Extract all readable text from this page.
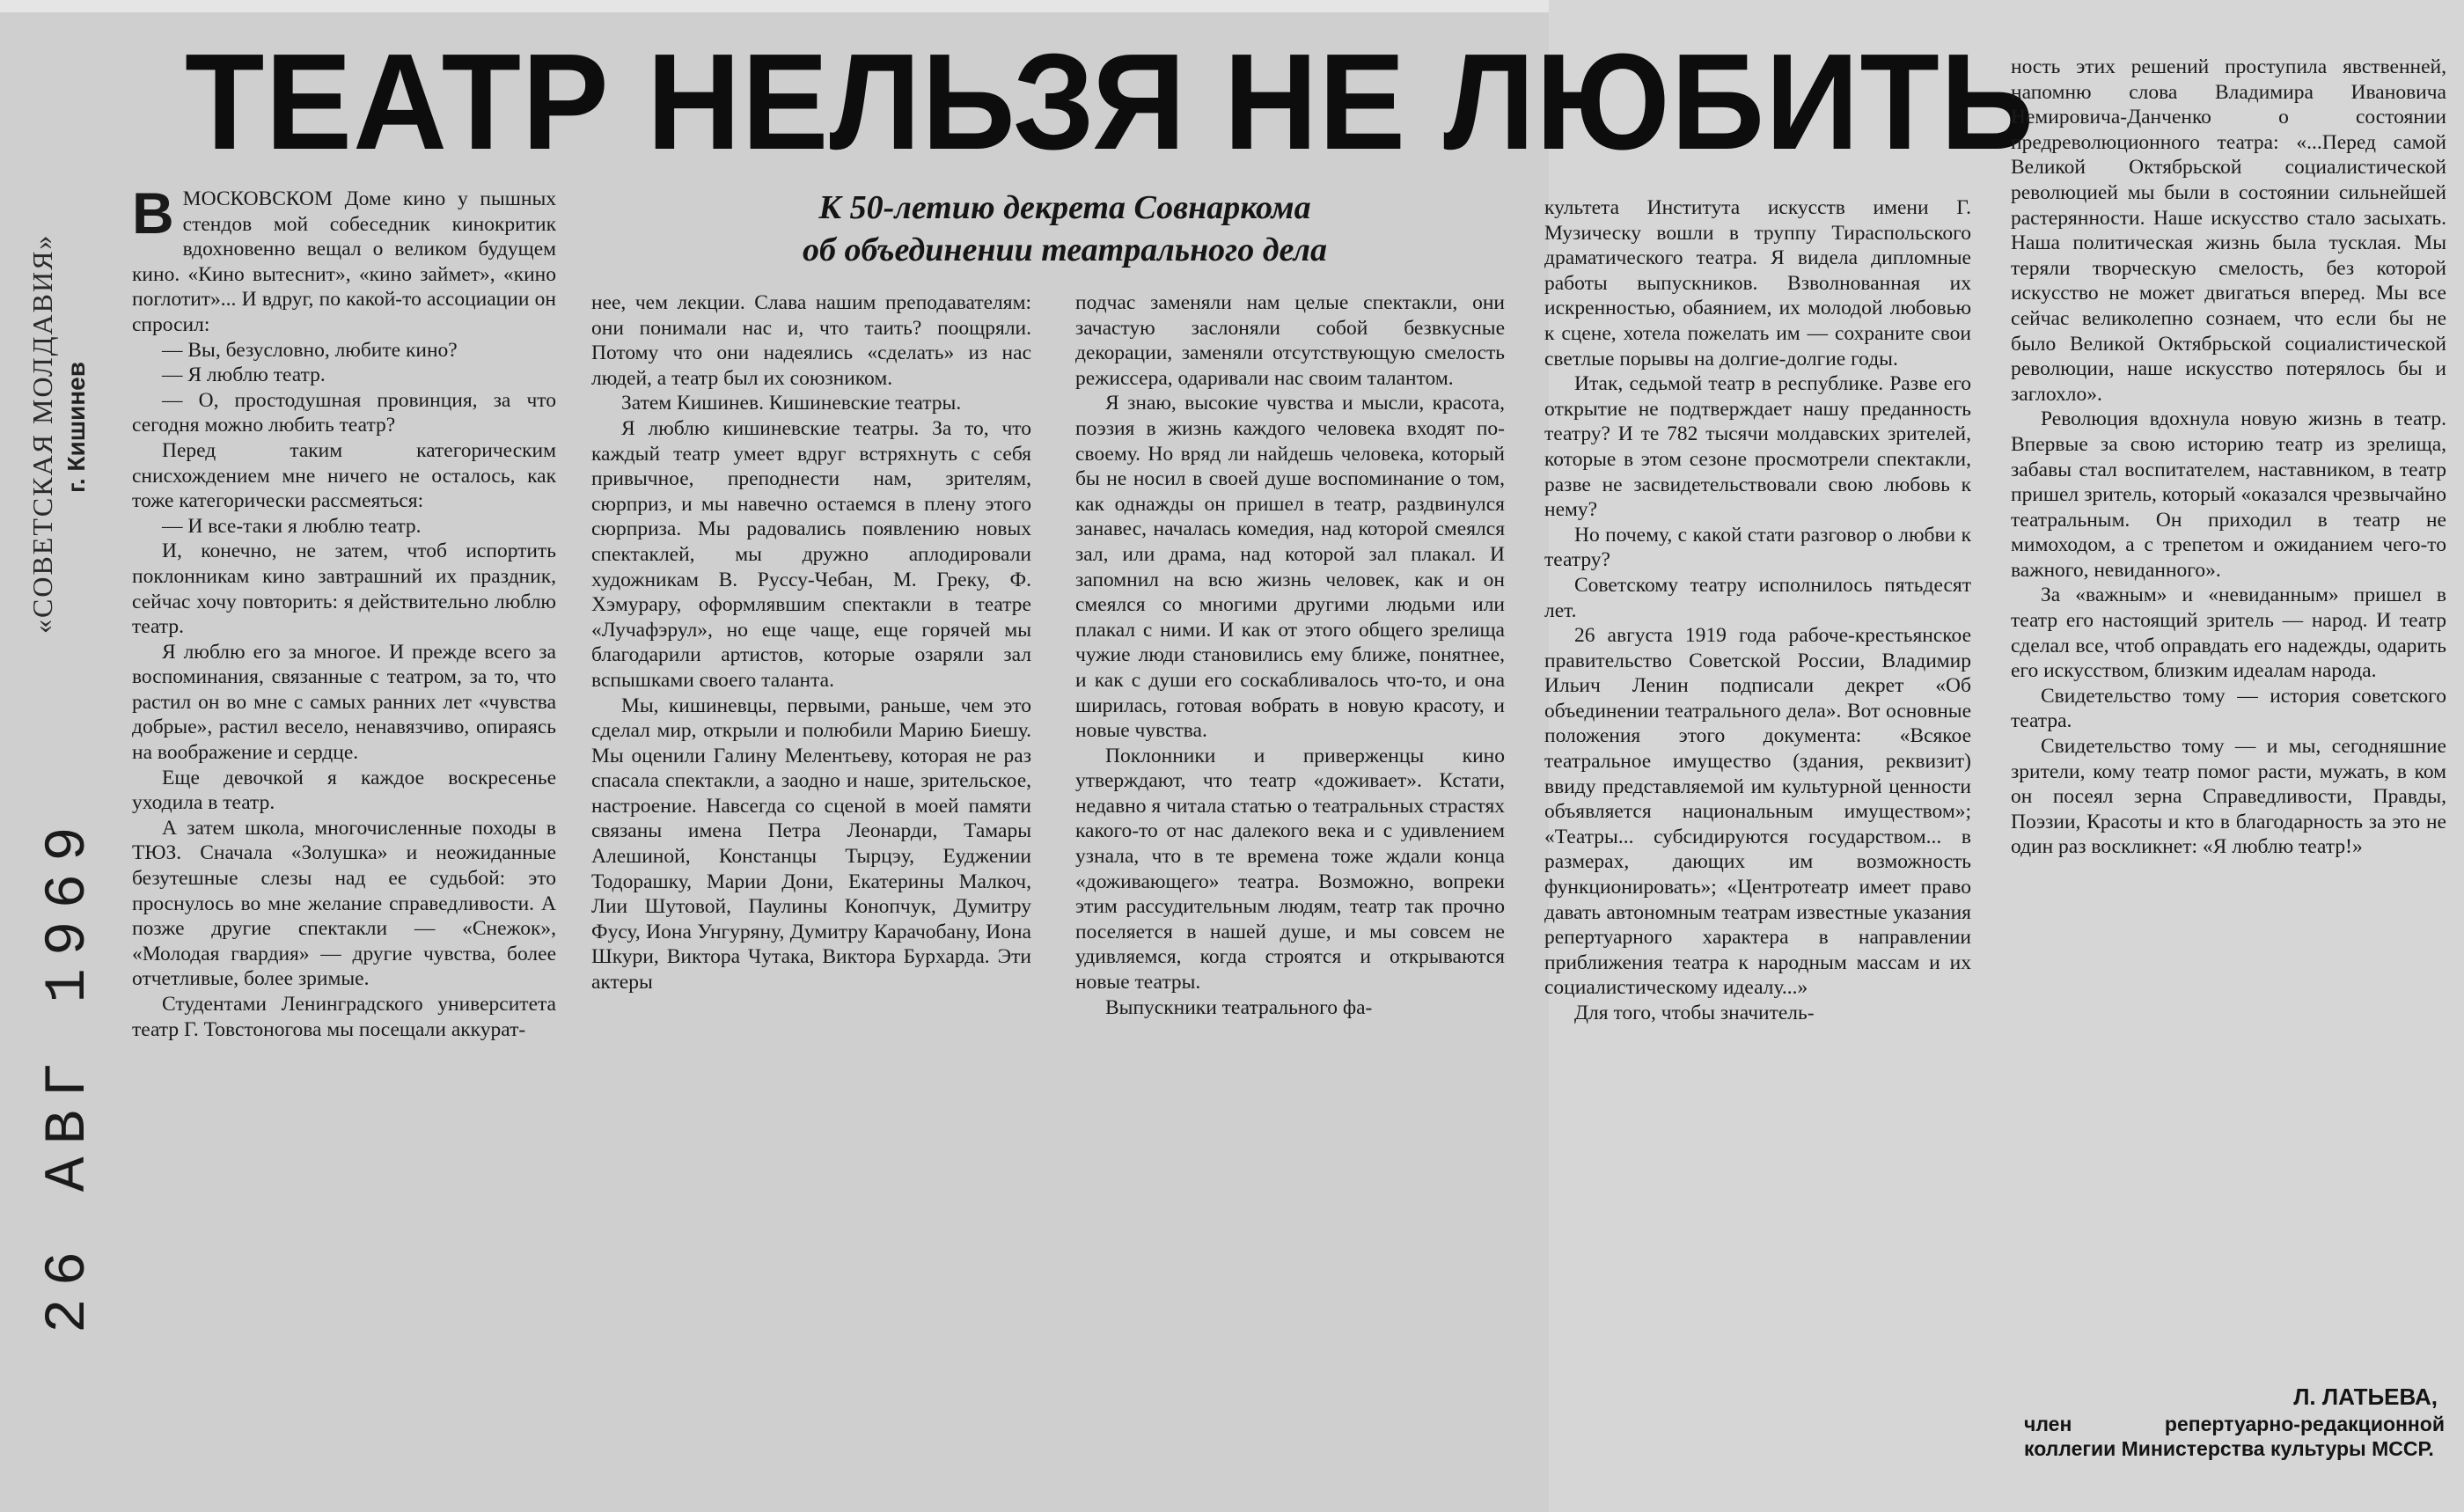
ТЕАТР НЕЛЬЗЯ НЕ ЛЮБИТЬ
К 50-летию декрета Совнаркома
об объединении театрального дела
«СОВЕТСКАЯ МОЛДАВИЯ» г. Кишинев
26 АВГ 1969

ВМОСКОВСКОМ Доме кино у пышных стендов мой собеседник кинокритик вдохновенно вещал о великом будущем кино. «Кино вытеснит», «кино займет», «кино поглотит»... И вдруг, по какой-то ассоциации он спросил:

— Вы, безусловно, любите кино?

— Я люблю театр.

— О, простодушная провинция, за что сегодня можно любить театр?

Перед таким категорическим снисхождением мне ничего не осталось, как тоже категорически рассмеяться:

— И все-таки я люблю театр.

И, конечно, не затем, чтоб испортить поклонникам кино завтрашний их праздник, сейчас хочу повторить: я действительно люблю театр.

Я люблю его за многое. И прежде всего за воспоминания, связанные с театром, за то, что растил он во мне с самых ранних лет «чувства добрые», растил весело, ненавязчиво, опираясь на воображение и сердце.

Еще девочкой я каждое воскресенье уходила в театр.

А затем школа, многочисленные походы в ТЮЗ. Сначала «Золушка» и неожиданные безутешные слезы над ее судьбой: это проснулось во мне желание справедливости. А позже другие спектакли — «Снежок», «Молодая гвардия» — другие чувства, более отчетливые, более зримые.

Студентами Ленинградского университета театр Г. Товстоногова мы посещали аккурат-

нее, чем лекции. Слава нашим преподавателям: они понимали нас и, что таить? поощряли. Потому что они надеялись «сделать» из нас людей, а театр был их союзником.

Затем Кишинев. Кишиневские театры.

Я люблю кишиневские театры. За то, что каждый театр умеет вдруг встряхнуть с себя привычное, преподнести нам, зрителям, сюрприз, и мы навечно остаемся в плену этого сюрприза. Мы радовались появлению новых спектаклей, мы дружно аплодировали художникам В. Руссу-Чебан, М. Греку, Ф. Хэмурару, оформлявшим спектакли в театре «Лучафэрул», но еще чаще, еще горячей мы благодарили артистов, которые озаряли зал вспышками своего таланта.

Мы, кишиневцы, первыми, раньше, чем это сделал мир, открыли и полюбили Марию Биешу. Мы оценили Галину Мелентьеву, которая не раз спасала спектакли, а заодно и наше, зрительское, настроение. Навсегда со сценой в моей памяти связаны имена Петра Леонарди, Тамары Алешиной, Констанцы Тырцэу, Еуджении Тодорашку, Марии Дони, Екатерины Малкоч, Лии Шутовой, Паулины Конопчук, Думитру Фусу, Иона Унгуряну, Думитру Карачобану, Иона Шкури, Виктора Чутака, Виктора Бурхарда. Эти актеры

подчас заменяли нам целые спектакли, они зачастую заслоняли собой безвкусные декорации, заменяли отсутствующую смелость режиссера, одаривали нас своим талантом.

Я знаю, высокие чувства и мысли, красота, поэзия в жизнь каждого человека входят по-своему. Но вряд ли найдешь человека, который бы не носил в своей душе воспоминание о том, как однажды он пришел в театр, раздвинулся занавес, началась комедия, над которой смеялся зал, или драма, над которой зал плакал. И запомнил на всю жизнь человек, как и он смеялся со многими другими людьми или плакал с ними. И как от этого общего зрелища чужие люди становились ему ближе, понятнее, и как с души его соскабливалось что-то, и она ширилась, готовая вобрать в новую красоту, и новые чувства.

Поклонники и приверженцы кино утверждают, что театр «доживает». Кстати, недавно я читала статью о театральных страстях какого-то от нас далекого века и с удивлением узнала, что в те времена тоже ждали конца «доживающего» театра. Возможно, вопреки этим рассудительным людям, театр так прочно поселяется в нашей душе, и мы совсем не удивляемся, когда строятся и открываются новые театры.

Выпускники театрального фа-

культета Института искусств имени Г. Музическу вошли в труппу Тираспольского драматического театра. Я видела дипломные работы выпускников. Взволнованная их искренностью, обаянием, их молодой любовью к сцене, хотела пожелать им — сохраните свои светлые порывы на долгие-долгие годы.

Итак, седьмой театр в республике. Разве его открытие не подтверждает нашу преданность театру? И те 782 тысячи молдавских зрителей, которые в этом сезоне просмотрели спектакли, разве не засвидетельствовали свою любовь к нему?

Но почему, с какой стати разговор о любви к театру?

Советскому театру исполнилось пятьдесят лет.

26 августа 1919 года рабоче-крестьянское правительство Советской России, Владимир Ильич Ленин подписали декрет «Об объединении театрального дела». Вот основные положения этого документа: «Всякое театральное имущество (здания, реквизит) ввиду представляемой им культурной ценности объявляется национальным имуществом»; «Театры... субсидируются государством... в размерах, дающих им возможность функционировать»; «Центротеатр имеет право давать автономным театрам известные указания репертуарного характера в направлении приближения театра к народным массам и их социалистическому идеалу...»

Для того, чтобы значитель-

ность этих решений проступила явственней, напомню слова Владимира Ивановича Немировича-Данченко о состоянии предреволюционного театра: «...Перед самой Великой Октябрьской социалистической революцией мы были в состоянии сильнейшей растерянности. Наше искусство стало засыхать. Наша политическая жизнь была тусклая. Мы теряли творческую смелость, без которой искусство не может двигаться вперед. Мы все сейчас великолепно сознаем, что если бы не было Великой Октябрьской социалистической революции, наше искусство потерялось бы и заглохло».

Революция вдохнула новую жизнь в театр. Впервые за свою историю театр из зрелища, забавы стал воспитателем, наставником, в театр пришел зритель, который «оказался чрезвычайно театральным. Он приходил в театр не мимоходом, а с трепетом и ожиданием чего-то важного, невиданного».

За «важным» и «невиданным» пришел в театр его настоящий зритель — народ. И театр сделал все, чтоб оправдать его надежды, одарить его искусством, близким идеалам народа.

Свидетельство тому — история советского театра.

Свидетельство тому — и мы, сегодняшние зрители, кому театр помог расти, мужать, в ком он посеял зерна Справедливости, Правды, Поэзии, Красоты и кто в благодарность за это не один раз воскликнет: «Я люблю театр!»

Л. ЛАТЬЕВА,
член репертуарно-редакционной коллегии Министерства культуры МССР.
